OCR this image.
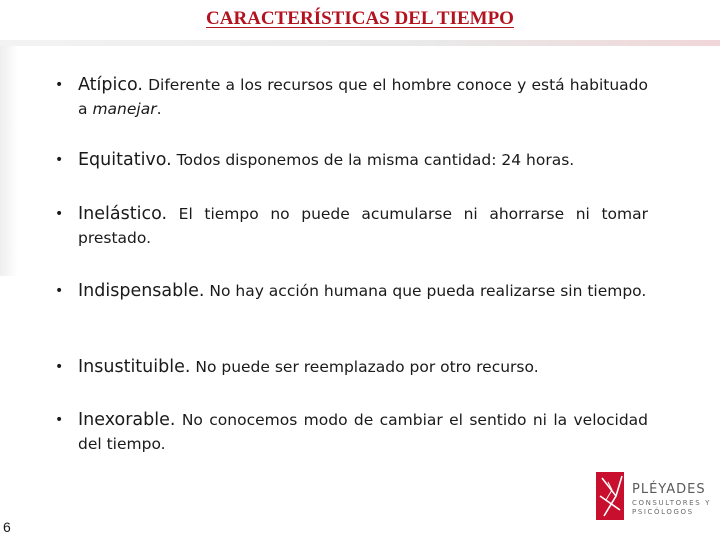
CARACTERÍSTICAS DEL TIEMPO
• Atípico. Diferente a los recursos que el hombre conoce y está habituado a manejar.
• Equitativo. Todos disponemos de la misma cantidad: 24 horas.
• Inelástico. El tiempo no puede acumularse ni ahorrarse ni tomar prestado.
• Indispensable. No hay acción humana que pueda realizarse sin tiempo.
• Insustituible. No puede ser reemplazado por otro recurso.
• Inexorable. No conocemos modo de cambiar el sentido ni la velocidad del tiempo.
6
PLÉYADES
CONSULTORES Y PSICÓLOGOS
